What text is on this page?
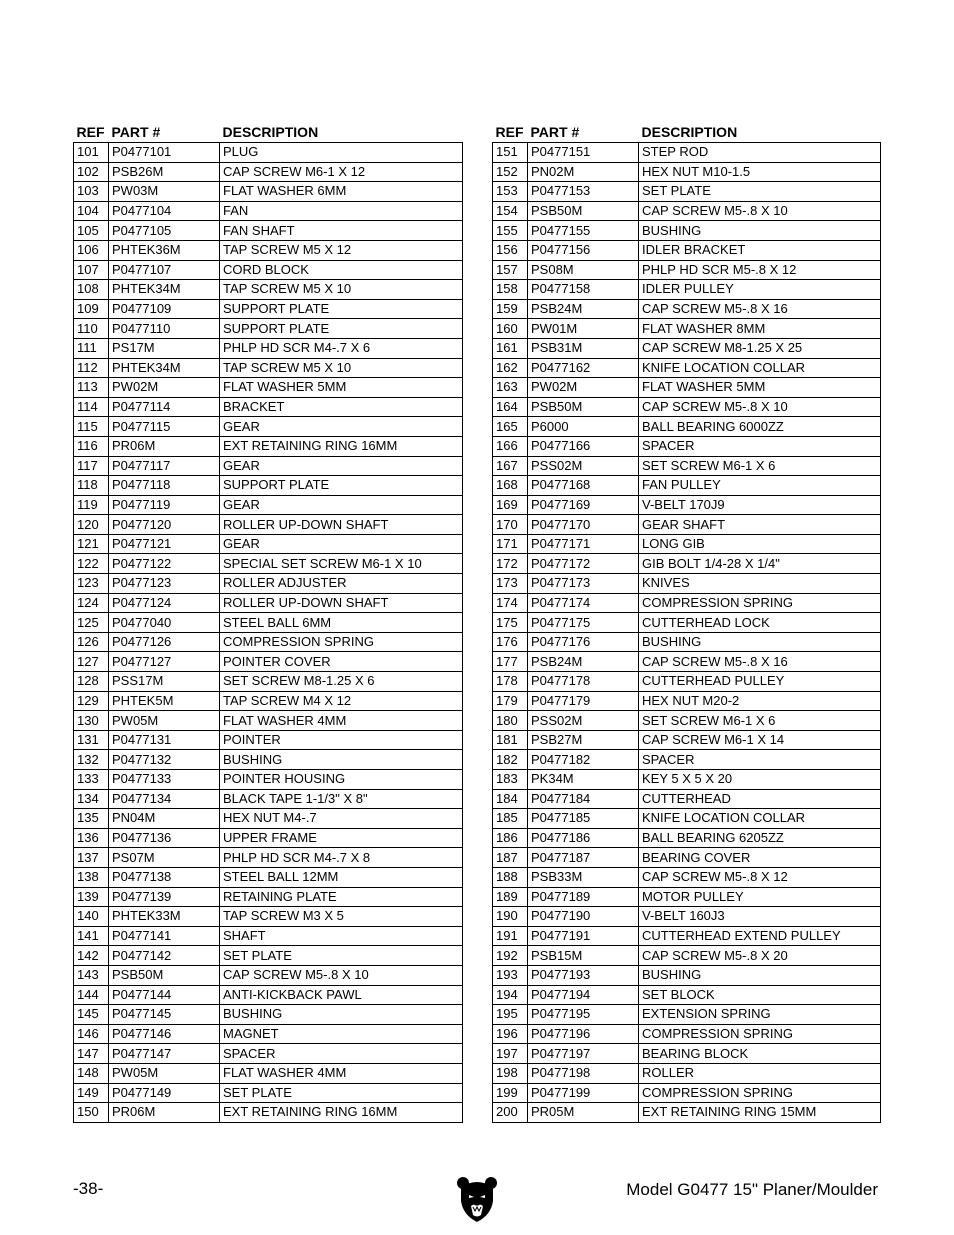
REF	PART #	DESCRIPTION
101	P0477101	PLUG
102	PSB26M	CAP SCREW M6-1 X 12
103	PW03M	FLAT WASHER 6MM
104	P0477104	FAN
105	P0477105	FAN SHAFT
106	PHTEK36M	TAP SCREW M5 X 12
107	P0477107	CORD BLOCK
108	PHTEK34M	TAP SCREW M5 X 10
109	P0477109	SUPPORT PLATE
110	P0477110	SUPPORT PLATE
111	PS17M	PHLP HD SCR M4-.7 X 6
112	PHTEK34M	TAP SCREW M5 X 10
113	PW02M	FLAT WASHER 5MM
114	P0477114	BRACKET
115	P0477115	GEAR
116	PR06M	EXT RETAINING RING 16MM
117	P0477117	GEAR
118	P0477118	SUPPORT PLATE
119	P0477119	GEAR
120	P0477120	ROLLER UP-DOWN SHAFT
121	P0477121	GEAR
122	P0477122	SPECIAL SET SCREW M6-1 X 10
123	P0477123	ROLLER ADJUSTER
124	P0477124	ROLLER UP-DOWN SHAFT
125	P0477040	STEEL BALL 6MM
126	P0477126	COMPRESSION SPRING
127	P0477127	POINTER COVER
128	PSS17M	SET SCREW M8-1.25 X 6
129	PHTEK5M	TAP SCREW M4 X 12
130	PW05M	FLAT WASHER 4MM
131	P0477131	POINTER
132	P0477132	BUSHING
133	P0477133	POINTER HOUSING
134	P0477134	BLACK TAPE 1-1/3" X 8"
135	PN04M	HEX NUT M4-.7
136	P0477136	UPPER FRAME
137	PS07M	PHLP HD SCR M4-.7 X 8
138	P0477138	STEEL BALL 12MM
139	P0477139	RETAINING PLATE
140	PHTEK33M	TAP SCREW M3 X 5
141	P0477141	SHAFT
142	P0477142	SET PLATE
143	PSB50M	CAP SCREW M5-.8 X 10
144	P0477144	ANTI-KICKBACK PAWL
145	P0477145	BUSHING
146	P0477146	MAGNET
147	P0477147	SPACER
148	PW05M	FLAT WASHER 4MM
149	P0477149	SET PLATE
150	PR06M	EXT RETAINING RING 16MM
REF	PART #	DESCRIPTION
151	P0477151	STEP ROD
152	PN02M	HEX NUT M10-1.5
153	P0477153	SET PLATE
154	PSB50M	CAP SCREW M5-.8 X 10
155	P0477155	BUSHING
156	P0477156	IDLER BRACKET
157	PS08M	PHLP HD SCR M5-.8 X 12
158	P0477158	IDLER PULLEY
159	PSB24M	CAP SCREW M5-.8 X 16
160	PW01M	FLAT WASHER 8MM
161	PSB31M	CAP SCREW M8-1.25 X 25
162	P0477162	KNIFE LOCATION COLLAR
163	PW02M	FLAT WASHER 5MM
164	PSB50M	CAP SCREW M5-.8 X 10
165	P6000	BALL BEARING 6000ZZ
166	P0477166	SPACER
167	PSS02M	SET SCREW M6-1 X 6
168	P0477168	FAN PULLEY
169	P0477169	V-BELT 170J9
170	P0477170	GEAR SHAFT
171	P0477171	LONG GIB
172	P0477172	GIB BOLT 1/4-28 X 1/4"
173	P0477173	KNIVES
174	P0477174	COMPRESSION SPRING
175	P0477175	CUTTERHEAD LOCK
176	P0477176	BUSHING
177	PSB24M	CAP SCREW M5-.8 X 16
178	P0477178	CUTTERHEAD PULLEY
179	P0477179	HEX NUT M20-2
180	PSS02M	SET SCREW M6-1 X 6
181	PSB27M	CAP SCREW M6-1 X 14
182	P0477182	SPACER
183	PK34M	KEY 5 X 5 X 20
184	P0477184	CUTTERHEAD
185	P0477185	KNIFE LOCATION COLLAR
186	P0477186	BALL BEARING 6205ZZ
187	P0477187	BEARING COVER
188	PSB33M	CAP SCREW M5-.8 X 12
189	P0477189	MOTOR PULLEY
190	P0477190	V-BELT 160J3
191	P0477191	CUTTERHEAD EXTEND PULLEY
192	PSB15M	CAP SCREW M5-.8 X 20
193	P0477193	BUSHING
194	P0477194	SET BLOCK
195	P0477195	EXTENSION SPRING
196	P0477196	COMPRESSION SPRING
197	P0477197	BEARING BLOCK
198	P0477198	ROLLER
199	P0477199	COMPRESSION SPRING
200	PR05M	EXT RETAINING RING 15MM
-38-	Model G0477 15" Planer/Moulder
